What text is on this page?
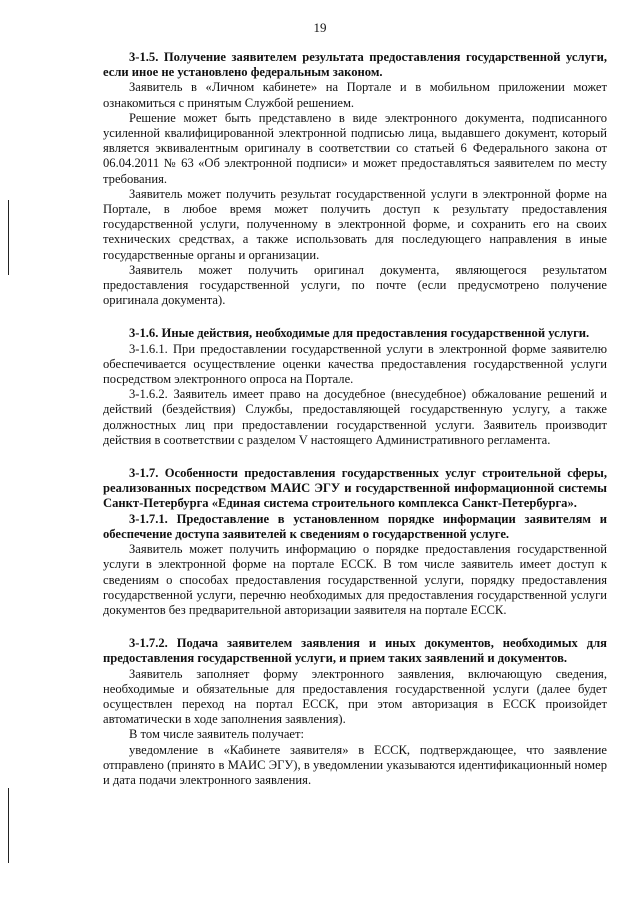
19

3-1.5. Получение заявителем результата предоставления государственной услуги, если иное не установлено федеральным законом.

Заявитель в «Личном кабинете» на Портале и в мобильном приложении может ознакомиться с принятым Службой решением.

Решение может быть представлено в виде электронного документа, подписанного усиленной квалифицированной электронной подписью лица, выдавшего документ, который является эквивалентным оригиналу в соответствии со статьей 6 Федерального закона от 06.04.2011 № 63 «Об электронной подписи» и может предоставляться заявителем по месту требования.

Заявитель может получить результат государственной услуги в электронной форме на Портале, в любое время может получить доступ к результату предоставления государственной услуги, полученному в электронной форме, и сохранить его на своих технических средствах, а также использовать для последующего направления в иные государственные органы и организации.

Заявитель может получить оригинал документа, являющегося результатом предоставления государственной услуги, по почте (если предусмотрено получение оригинала документа).

3-1.6. Иные действия, необходимые для предоставления государственной услуги.

3-1.6.1. При предоставлении государственной услуги в электронной форме заявителю обеспечивается осуществление оценки качества предоставления государственной услуги посредством электронного опроса на Портале.

3-1.6.2. Заявитель имеет право на досудебное (внесудебное) обжалование решений и действий (бездействия) Службы, предоставляющей государственную услугу, а также должностных лиц при предоставлении государственной услуги. Заявитель производит действия в соответствии с разделом V настоящего Административного регламента.

3-1.7. Особенности предоставления государственных услуг строительной сферы, реализованных посредством МАИС ЭГУ и государственной информационной системы Санкт-Петербурга «Единая система строительного комплекса Санкт-Петербурга».

3-1.7.1. Предоставление в установленном порядке информации заявителям и обеспечение доступа заявителей к сведениям о государственной услуге.

Заявитель может получить информацию о порядке предоставления государственной услуги в электронной форме на портале ЕССК. В том числе заявитель имеет доступ к сведениям о способах предоставления государственной услуги, порядку предоставления государственной услуги, перечню необходимых для предоставления государственной услуги документов без предварительной авторизации заявителя на портале ЕССК.

3-1.7.2. Подача заявителем заявления и иных документов, необходимых для предоставления государственной услуги, и прием таких заявлений и документов.

Заявитель заполняет форму электронного заявления, включающую сведения, необходимые и обязательные для предоставления государственной услуги (далее будет осуществлен переход на портал ЕССК, при этом авторизация в ЕССК произойдет автоматически в ходе заполнения заявления).

В том числе заявитель получает:

уведомление в «Кабинете заявителя» в ЕССК, подтверждающее, что заявление отправлено (принято в МАИС ЭГУ), в уведомлении указываются идентификационный номер и дата подачи электронного заявления.
